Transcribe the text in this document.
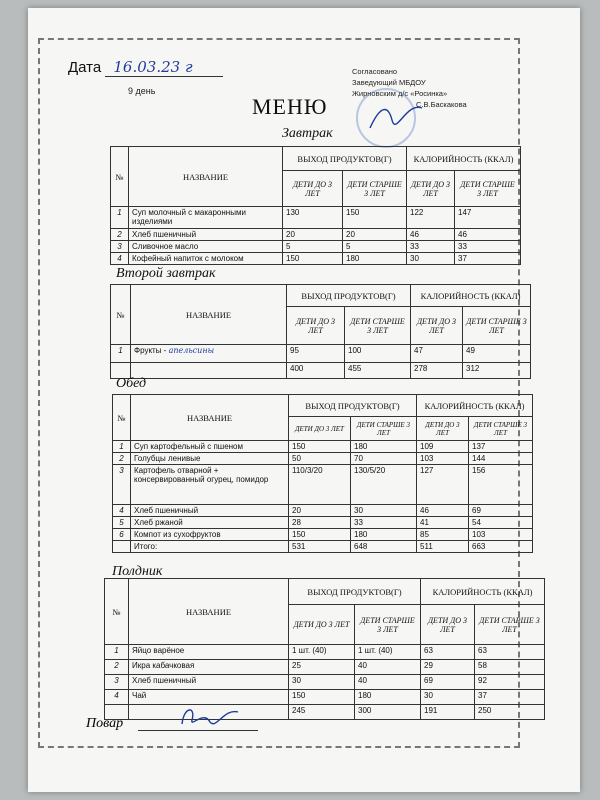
Дата 16.03.23 г
9 день
Согласовано
Заведующий МБДОУ
Жирновским д/с «Росинка»
С.В.Баскакова
МЕНЮ
Завтрак
№	НАЗВАНИЕ	ВЫХОД ПРОДУКТОВ(Г)		КАЛОРИЙНОСТЬ (ККАЛ)	
		ДЕТИ ДО 3 ЛЕТ	ДЕТИ СТАРШЕ 3 ЛЕТ	ДЕТИ ДО 3 ЛЕТ	ДЕТИ СТАРШЕ 3 ЛЕТ
1	Суп молочный с макаронными изделиями	130	150	122	147
2	Хлеб пшеничный	20	20	46	46
3	Сливочное масло	5	5	33	33
4	Кофейный напиток с молоком	150	180	30	37
Второй завтрак
№	НАЗВАНИЕ	ВЫХОД ПРОДУКТОВ(Г)		КАЛОРИЙНОСТЬ (ККАЛ)	
		ДЕТИ ДО 3 ЛЕТ	ДЕТИ СТАРШЕ 3 ЛЕТ	ДЕТИ ДО 3 ЛЕТ	ДЕТИ СТАРШЕ 3 ЛЕТ
1	Фрукты - апельсины	95	100	47	49
		400	455	278	312
Обед
№	НАЗВАНИЕ	ВЫХОД ПРОДУКТОВ(Г)		КАЛОРИЙНОСТЬ (ККАЛ)	
		ДЕТИ ДО 3 ЛЕТ	ДЕТИ СТАРШЕ 3 ЛЕТ	ДЕТИ ДО 3 ЛЕТ	ДЕТИ СТАРШЕ 3 ЛЕТ
1	Суп картофельный с пшеном	150	180	109	137
2	Голубцы ленивые	50	70	103	144
3	Картофель отварной + консервированный огурец, помидор	110/3/20	130/5/20	127	156
4	Хлеб пшеничный	20	30	46	69
5	Хлеб ржаной	28	33	41	54
6	Компот из сухофруктов	150	180	85	103
	Итого:	531	648	511	663
Полдник
№	НАЗВАНИЕ	ВЫХОД ПРОДУКТОВ(Г)		КАЛОРИЙНОСТЬ (ККАЛ)	
		ДЕТИ ДО 3 ЛЕТ	ДЕТИ СТАРШЕ 3 ЛЕТ	ДЕТИ ДО 3 ЛЕТ	ДЕТИ СТАРШЕ 3 ЛЕТ
1	Яйцо варёное	1 шт. (40)	1 шт. (40)	63	63
2	Икра кабачковая	25	40	29	58
3	Хлеб пшеничный	30	40	69	92
4	Чай	150	180	30	37
		245	300	191	250
Повар
